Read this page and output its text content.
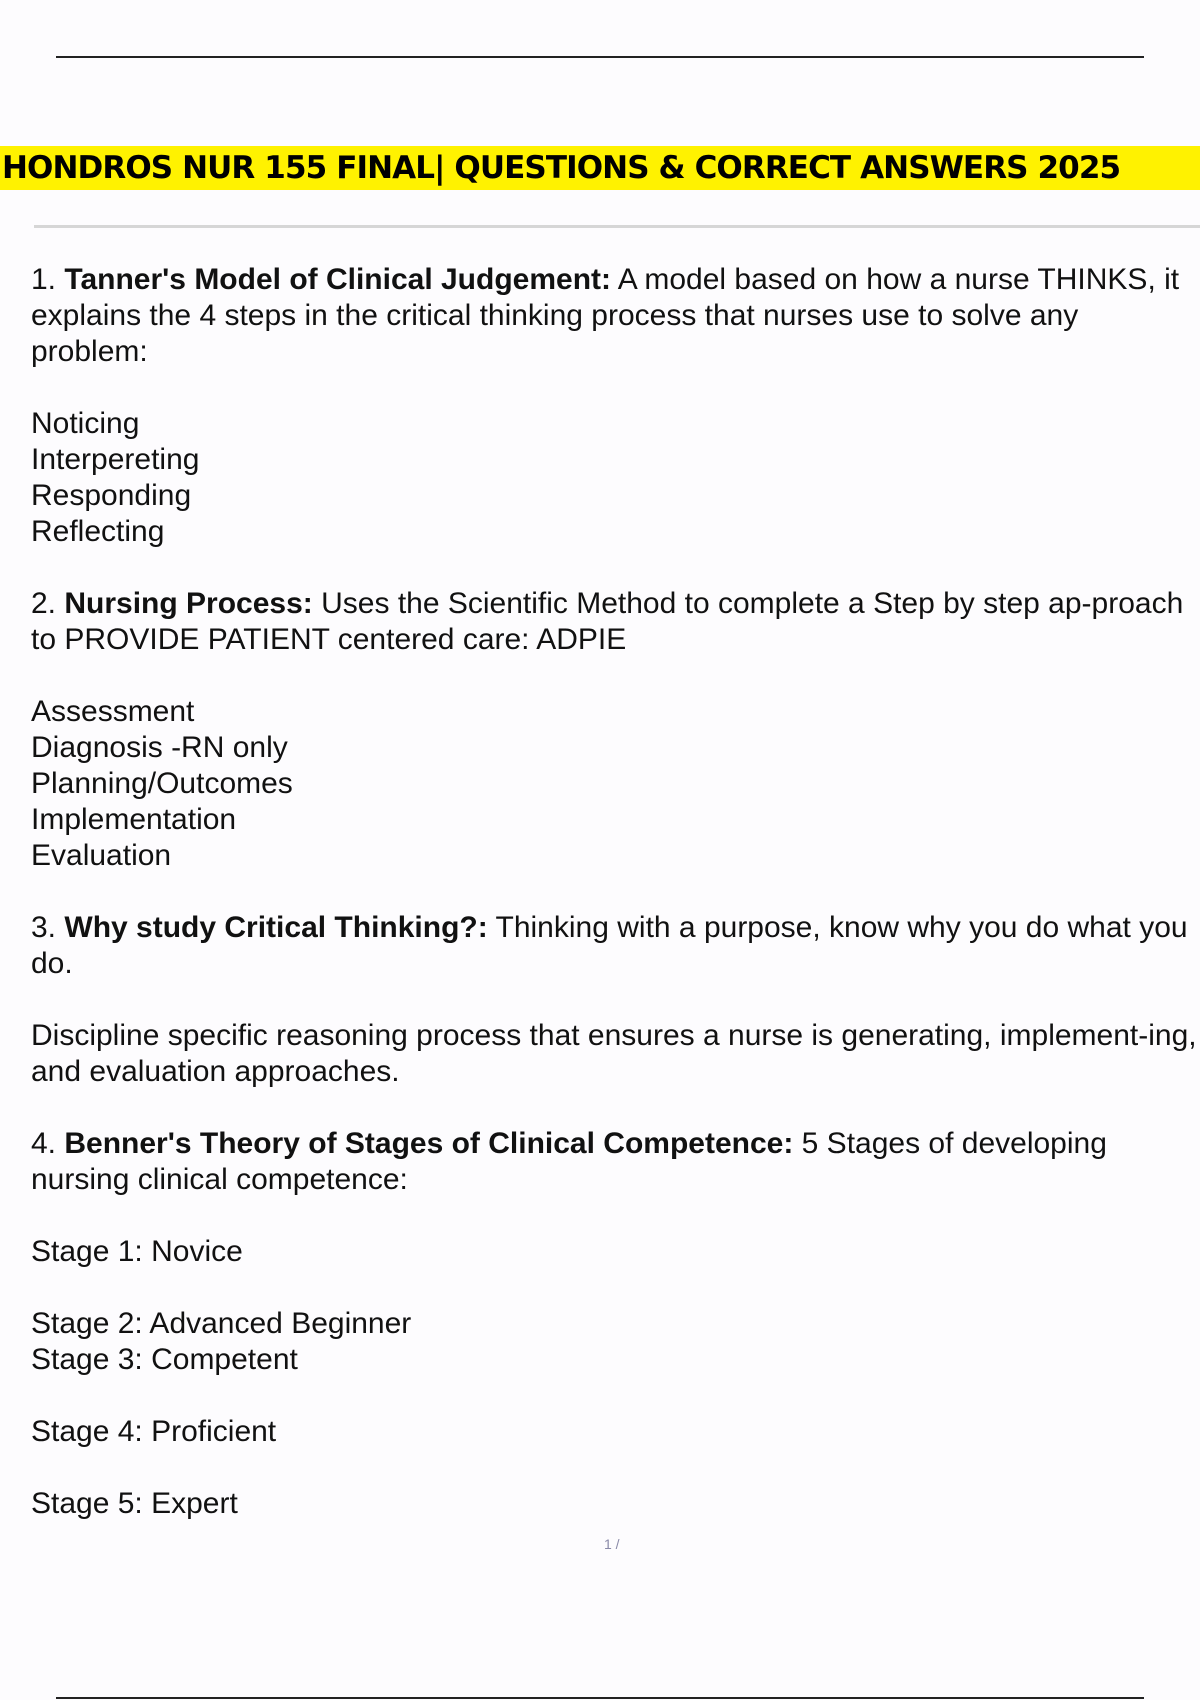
HONDROS NUR 155 FINAL| QUESTIONS & CORRECT ANSWERS 2025

1. Tanner's Model of Clinical Judgement: A model based on how a nurse THINKS, it explains the 4 steps in the critical thinking process that nurses use to solve any problem:

Noticing

Interpereting

Responding

Reflecting

2. Nursing Process: Uses the Scientific Method to complete a Step by step ap-proach to PROVIDE PATIENT centered care: ADPIE

Assessment

Diagnosis -RN only

Planning/Outcomes

Implementation

Evaluation

3. Why study Critical Thinking?: Thinking with a purpose, know why you do what you do.

Discipline specific reasoning process that ensures a nurse is generating, implement-ing, and evaluation approaches.

4. Benner's Theory of Stages of Clinical Competence: 5 Stages of developing nursing clinical competence:

Stage 1: Novice

Stage 2: Advanced Beginner

Stage 3: Competent

Stage 4: Proficient

Stage 5: Expert

1 /
